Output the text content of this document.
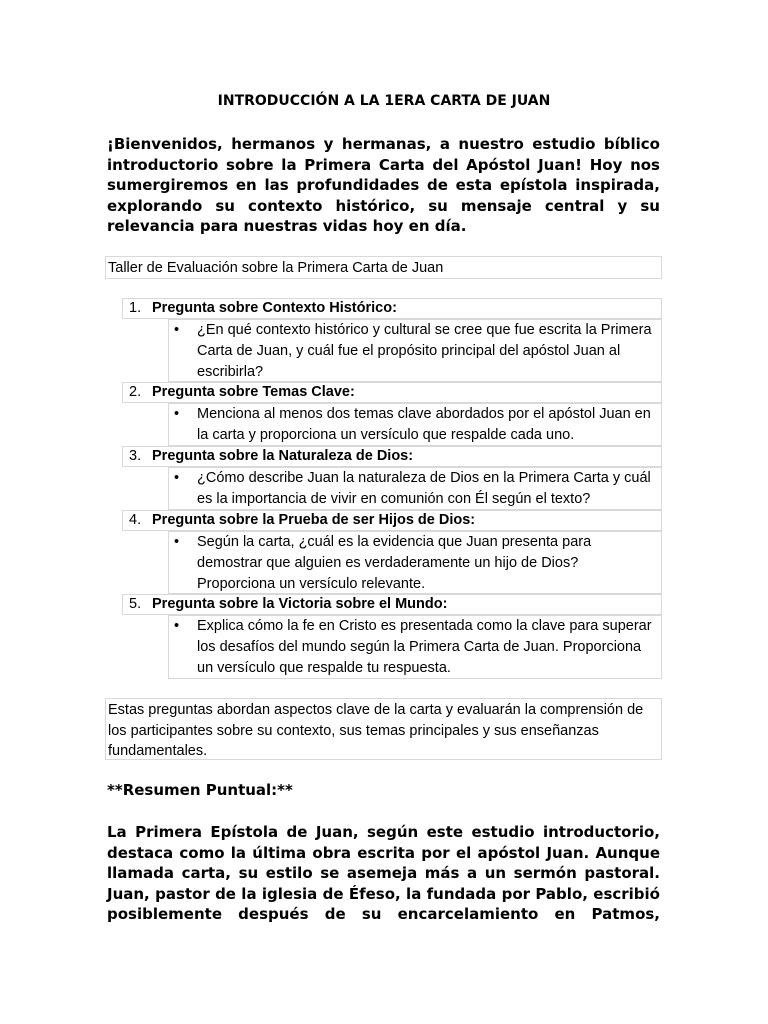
INTRODUCCIÓN A LA 1ERA CARTA DE JUAN

¡Bienvenidos, hermanos y hermanas, a nuestro estudio bíblico introductorio sobre la Primera Carta del Apóstol Juan! Hoy nos sumergiremos en las profundidades de esta epístola inspirada, explorando su contexto histórico, su mensaje central y su relevancia para nuestras vidas hoy en día.

Taller de Evaluación sobre la Primera Carta de Juan
1. Pregunta sobre Contexto Histórico:
• ¿En qué contexto histórico y cultural se cree que fue escrita la Primera Carta de Juan, y cuál fue el propósito principal del apóstol Juan al escribirla?
2. Pregunta sobre Temas Clave:
• Menciona al menos dos temas clave abordados por el apóstol Juan en la carta y proporciona un versículo que respalde cada uno.
3. Pregunta sobre la Naturaleza de Dios:
• ¿Cómo describe Juan la naturaleza de Dios en la Primera Carta y cuál es la importancia de vivir en comunión con Él según el texto?
4. Pregunta sobre la Prueba de ser Hijos de Dios:
• Según la carta, ¿cuál es la evidencia que Juan presenta para demostrar que alguien es verdaderamente un hijo de Dios? Proporciona un versículo relevante.
5. Pregunta sobre la Victoria sobre el Mundo:
• Explica cómo la fe en Cristo es presentada como la clave para superar los desafíos del mundo según la Primera Carta de Juan. Proporciona un versículo que respalde tu respuesta.
Estas preguntas abordan aspectos clave de la carta y evaluarán la comprensión de los participantes sobre su contexto, sus temas principales y sus enseñanzas fundamentales.
**Resumen Puntual:**

La Primera Epístola de Juan, según este estudio introductorio, destaca como la última obra escrita por el apóstol Juan. Aunque llamada carta, su estilo se asemeja más a un sermón pastoral. Juan, pastor de la iglesia de Éfeso, la fundada por Pablo, escribió posiblemente después de su encarcelamiento en Patmos,
